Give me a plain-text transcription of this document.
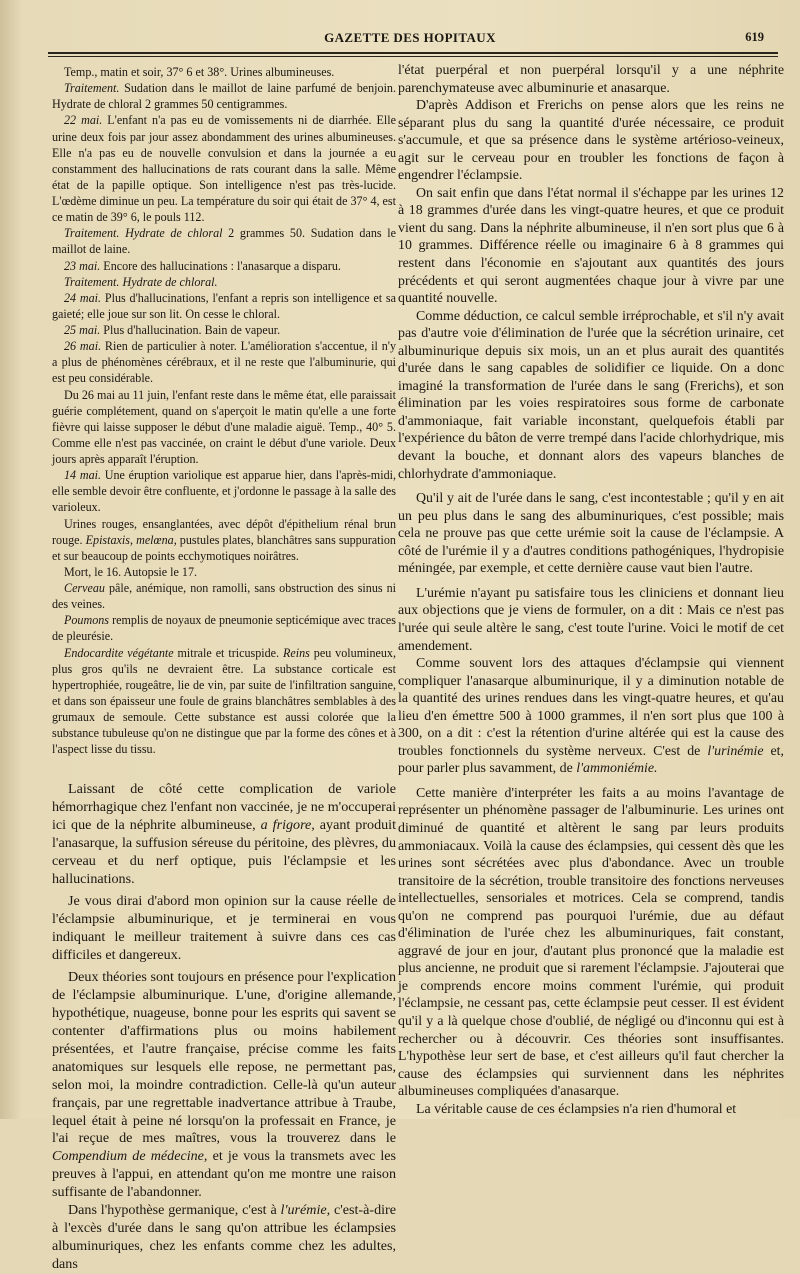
GAZETTE DES HOPITAUX	619

Temp., matin et soir, 37° 6 et 38°. Urines albumineuses.

Traitement. Sudation dans le maillot de laine parfumé de benjoin. Hydrate de chloral 2 grammes 50 centigrammes.

22 mai. L'enfant n'a pas eu de vomissements ni de diarrhée. Elle urine deux fois par jour assez abondamment des urines albumineuses. Elle n'a pas eu de nouvelle convulsion et dans la journée a eu constamment des hallucinations de rats courant dans la salle. Même état de la papille optique. Son intelligence n'est pas très-lucide. L'œdème diminue un peu. La température du soir qui était de 37° 4, est ce matin de 39° 6, le pouls 112.

Traitement. Hydrate de chloral 2 grammes 50. Sudation dans le maillot de laine.

23 mai. Encore des hallucinations : l'anasarque a disparu.

Traitement. Hydrate de chloral.

24 mai. Plus d'hallucinations, l'enfant a repris son intelligence et sa gaieté; elle joue sur son lit. On cesse le chloral.

25 mai. Plus d'hallucination. Bain de vapeur.

26 mai. Rien de particulier à noter. L'amélioration s'accentue, il n'y a plus de phénomènes cérébraux, et il ne reste que l'albuminurie, qui est peu considérable.

Du 26 mai au 11 juin, l'enfant reste dans le même état, elle paraissait guérie complétement, quand on s'aperçoit le matin qu'elle a une forte fièvre qui laisse supposer le début d'une maladie aiguë. Temp., 40° 5. Comme elle n'est pas vaccinée, on craint le début d'une variole. Deux jours après apparaît l'éruption.

14 mai. Une éruption variolique est apparue hier, dans l'après-midi, elle semble devoir être confluente, et j'ordonne le passage à la salle des varioleux.

Urines rouges, ensanglantées, avec dépôt d'épithelium rénal brun rouge. Epistaxis, melœna, pustules plates, blanchâtres sans suppuration et sur beaucoup de points ecchymotiques noirâtres.

Mort, le 16. Autopsie le 17.

Cerveau pâle, anémique, non ramolli, sans obstruction des sinus ni des veines.

Poumons remplis de noyaux de pneumonie septicémique avec traces de pleurésie.

Endocardite végétante mitrale et tricuspide. Reins peu volumineux, plus gros qu'ils ne devraient être. La substance corticale est hypertrophiée, rougeâtre, lie de vin, par suite de l'infiltration sanguine, et dans son épaisseur une foule de grains blanchâtres semblables à des grumaux de semoule. Cette substance est aussi colorée que la substance tubuleuse qu'on ne distingue que par la forme des cônes et à l'aspect lisse du tissu.

Laissant de côté cette complication de variole hémorrhagique chez l'enfant non vaccinée, je ne m'occuperai ici que de la néphrite albumineuse, a frigore, ayant produit l'anasarque, la suffusion séreuse du péritoine, des plèvres, du cerveau et du nerf optique, puis l'éclampsie et les hallucinations.

Je vous dirai d'abord mon opinion sur la cause réelle de l'éclampsie albuminurique, et je terminerai en vous indiquant le meilleur traitement à suivre dans ces cas difficiles et dangereux.

Deux théories sont toujours en présence pour l'explication de l'éclampsie albuminurique. L'une, d'origine allemande, hypothétique, nuageuse, bonne pour les esprits qui savent se contenter d'affirmations plus ou moins habilement présentées, et l'autre française, précise comme les faits anatomiques sur lesquels elle repose, ne permettant pas, selon moi, la moindre contradiction. Celle-là qu'un auteur français, par une regrettable inadvertance attribue à Traube, lequel était à peine né lorsqu'on la professait en France, je l'ai reçue de mes maîtres, vous la trouverez dans le Compendium de médecine, et je vous la transmets avec les preuves à l'appui, en attendant qu'on me montre une raison suffisante de l'abandonner.

Dans l'hypothèse germanique, c'est à l'urémie, c'est-à-dire à l'excès d'urée dans le sang qu'on attribue les éclampsies albuminuriques, chez les enfants comme chez les adultes, dans

l'état puerpéral et non puerpéral lorsqu'il y a une néphrite parenchymateuse avec albuminurie et anasarque.

D'après Addison et Frerichs on pense alors que les reins ne séparant plus du sang la quantité d'urée nécessaire, ce produit s'accumule, et que sa présence dans le système artérioso-veineux, agit sur le cerveau pour en troubler les fonctions de façon à engendrer l'éclampsie.

On sait enfin que dans l'état normal il s'échappe par les urines 12 à 18 grammes d'urée dans les vingt-quatre heures, et que ce produit vient du sang. Dans la néphrite albumineuse, il n'en sort plus que 6 à 10 grammes. Différence réelle ou imaginaire 6 à 8 grammes qui restent dans l'économie en s'ajoutant aux quantités des jours précédents et qui seront augmentées chaque jour à vivre par une quantité nouvelle.

Comme déduction, ce calcul semble irréprochable, et s'il n'y avait pas d'autre voie d'élimination de l'urée que la sécrétion urinaire, cet albuminurique depuis six mois, un an et plus aurait des quantités d'urée dans le sang capables de solidifier ce liquide. On a donc imaginé la transformation de l'urée dans le sang (Frerichs), et son élimination par les voies respiratoires sous forme de carbonate d'ammoniaque, fait variable inconstant, quelquefois établi par l'expérience du bâton de verre trempé dans l'acide chlorhydrique, mis devant la bouche, et donnant alors des vapeurs blanches de chlorhydrate d'ammoniaque.

Qu'il y ait de l'urée dans le sang, c'est incontestable ; qu'il y en ait un peu plus dans le sang des albuminuriques, c'est possible; mais cela ne prouve pas que cette urémie soit la cause de l'éclampsie. A côté de l'urémie il y a d'autres conditions pathogéniques, l'hydropisie méningée, par exemple, et cette dernière cause vaut bien l'autre.

L'urémie n'ayant pu satisfaire tous les cliniciens et donnant lieu aux objections que je viens de formuler, on a dit : Mais ce n'est pas l'urée qui seule altère le sang, c'est toute l'urine. Voici le motif de cet amendement.

Comme souvent lors des attaques d'éclampsie qui viennent compliquer l'anasarque albuminurique, il y a diminution notable de la quantité des urines rendues dans les vingt-quatre heures, et qu'au lieu d'en émettre 500 à 1000 grammes, il n'en sort plus que 100 à 300, on a dit : c'est la rétention d'urine altérée qui est la cause des troubles fonctionnels du système nerveux. C'est de l'urinémie et, pour parler plus savamment, de l'ammoniémie.

Cette manière d'interpréter les faits a au moins l'avantage de représenter un phénomène passager de l'albuminurie. Les urines ont diminué de quantité et altèrent le sang par leurs produits ammoniacaux. Voilà la cause des éclampsies, qui cessent dès que les urines sont sécrétées avec plus d'abondance. Avec un trouble transitoire de la sécrétion, trouble transitoire des fonctions nerveuses intellectuelles, sensoriales et motrices. Cela se comprend, tandis qu'on ne comprend pas pourquoi l'urémie, due au défaut d'élimination de l'urée chez les albuminuriques, fait constant, aggravé de jour en jour, d'autant plus prononcé que la maladie est plus ancienne, ne produit que si rarement l'éclampsie. J'ajouterai que je comprends encore moins comment l'urémie, qui produit l'éclampsie, ne cessant pas, cette éclampsie peut cesser. Il est évident qu'il y a là quelque chose d'oublié, de négligé ou d'inconnu qui est à rechercher ou à découvrir. Ces théories sont insuffisantes. L'hypothèse leur sert de base, et c'est ailleurs qu'il faut chercher la cause des éclampsies qui surviennent dans les néphrites albumineuses compliquées d'anasarque.

La véritable cause de ces éclampsies n'a rien d'humoral et
